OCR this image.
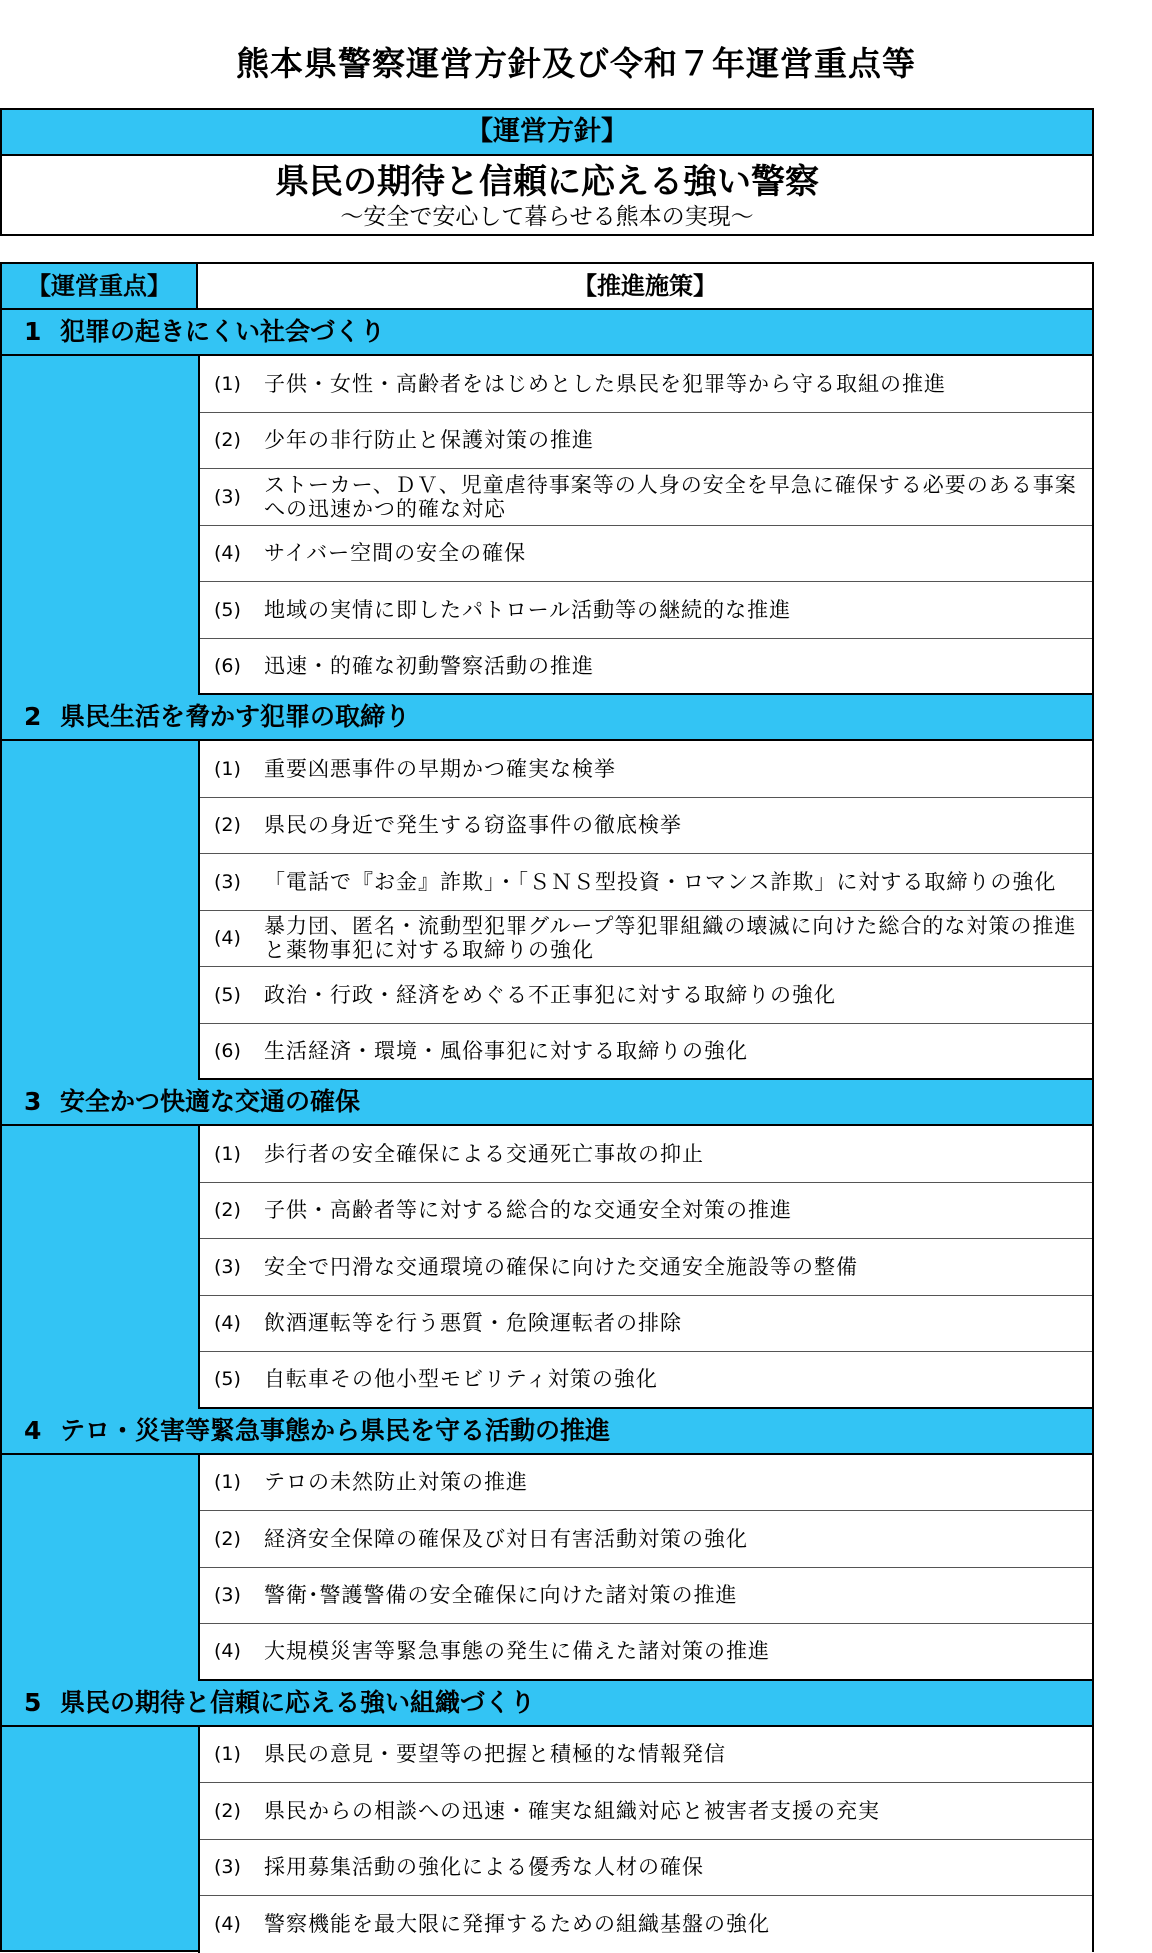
熊本県警察運営方針及び令和７年運営重点等
【運営方針】
県民の期待と信頼に応える強い警察
～安全で安心して暮らせる熊本の実現～
【運営重点】	【推進施策】
1 犯罪の起きにくい社会づくり
(1)	子供・女性・高齢者をはじめとした県民を犯罪等から守る取組の推進
(2)	少年の非行防止と保護対策の推進
(3)	ストーカー、ＤＶ、児童虐待事案等の人身の安全を早急に確保する必要のある事案への迅速かつ的確な対応
(4)	サイバー空間の安全の確保
(5)	地域の実情に即したパトロール活動等の継続的な推進
(6)	迅速・的確な初動警察活動の推進
2 県民生活を脅かす犯罪の取締り
(1)	重要凶悪事件の早期かつ確実な検挙
(2)	県民の身近で発生する窃盗事件の徹底検挙
(3)	「電話で『お金』詐欺」・「ＳＮＳ型投資・ロマンス詐欺」に対する取締りの強化
(4)	暴力団、匿名・流動型犯罪グループ等犯罪組織の壊滅に向けた総合的な対策の推進と薬物事犯に対する取締りの強化
(5)	政治・行政・経済をめぐる不正事犯に対する取締りの強化
(6)	生活経済・環境・風俗事犯に対する取締りの強化
3 安全かつ快適な交通の確保
(1)	歩行者の安全確保による交通死亡事故の抑止
(2)	子供・高齢者等に対する総合的な交通安全対策の推進
(3)	安全で円滑な交通環境の確保に向けた交通安全施設等の整備
(4)	飲酒運転等を行う悪質・危険運転者の排除
(5)	自転車その他小型モビリティ対策の強化
4 テロ・災害等緊急事態から県民を守る活動の推進
(1)	テロの未然防止対策の推進
(2)	経済安全保障の確保及び対日有害活動対策の強化
(3)	警衛･警護警備の安全確保に向けた諸対策の推進
(4)	大規模災害等緊急事態の発生に備えた諸対策の推進
5 県民の期待と信頼に応える強い組織づくり
(1)	県民の意見・要望等の把握と積極的な情報発信
(2)	県民からの相談への迅速・確実な組織対応と被害者支援の充実
(3)	採用募集活動の強化による優秀な人材の確保
(4)	警察機能を最大限に発揮するための組織基盤の強化
